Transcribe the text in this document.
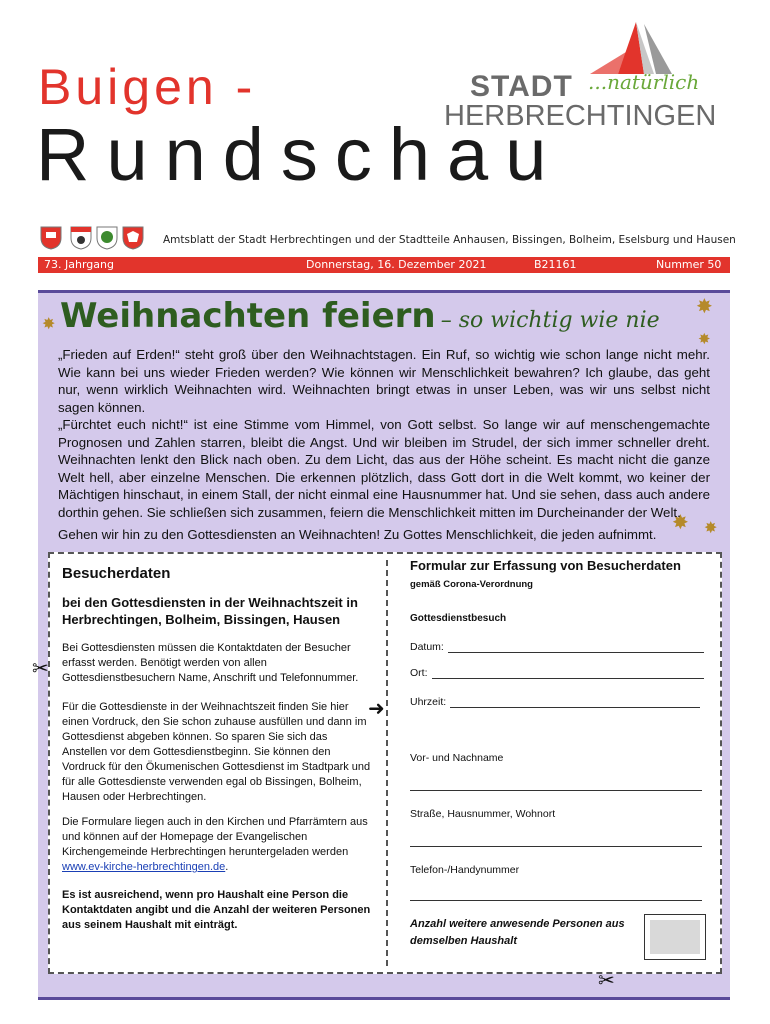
Buigen -
Rundschau
STADT ...natürlich
HERBRECHTINGEN
Amtsblatt der Stadt Herbrechtingen und der Stadtteile Anhausen, Bissingen, Bolheim, Eselsburg und Hausen
73. Jahrgang	Donnerstag, 16. Dezember 2021	B21161	Nummer 50
Weihnachten feiern – so wichtig wie nie
✸
✸
✸
✸ ✸

„Frieden auf Erden!“ steht groß über den Weihnachtstagen. Ein Ruf, so wichtig wie schon lange nicht mehr. Wie kann bei uns wieder Frieden werden? Wie können wir Menschlichkeit bewahren? Ich glaube, das geht nur, wenn wirklich Weihnachten wird. Weihnachten bringt etwas in unser Leben, was wir uns selbst nicht sagen können.

„Fürchtet euch nicht!“ ist eine Stimme vom Himmel, von Gott selbst. So lange wir auf menschengemachte Prognosen und Zahlen starren, bleibt die Angst. Und wir bleiben im Strudel, der sich immer schneller dreht. Weihnachten lenkt den Blick nach oben. Zu dem Licht, das aus der Höhe scheint. Es macht nicht die ganze Welt hell, aber einzelne Menschen. Die erkennen plötzlich, dass Gott dort in die Welt kommt, wo keiner der Mächtigen hinschaut, in einem Stall, der nicht einmal eine Hausnummer hat. Und sie sehen, dass auch andere dorthin gehen. Sie schließen sich zusammen, feiern die Menschlichkeit mitten im Durcheinander der Welt.

Gehen wir hin zu den Gottesdiensten an Weihnachten! Zu Gottes Menschlichkeit, die jeden aufnimmt.
✂
✂
➜
Besucherdaten
bei den Gottesdiensten in der Weihnachtszeit in Herbrechtingen, Bolheim, Bissingen, Hausen
Bei Gottesdiensten müssen die Kontaktdaten der Besucher erfasst werden. Benötigt werden von allen Gottesdienstbesuchern Name, Anschrift und Telefonnummer.
Für die Gottesdienste in der Weihnachtszeit finden Sie hier einen Vordruck, den Sie schon zuhause ausfüllen und dann im Gottesdienst abgeben können. So sparen Sie sich das Anstellen vor dem Gottesdienstbeginn. Sie können den Vordruck für den Ökumenischen Gottesdienst im Stadtpark und für alle Gottesdienste verwenden egal ob Bissingen, Bolheim, Hausen oder Herbrechtingen.
Die Formulare liegen auch in den Kirchen und Pfarrämtern aus und können auf der Homepage der Evangelischen Kirchengemeinde Herbrechtingen heruntergeladen werden www.ev-kirche-herbrechtingen.de.
Es ist ausreichend, wenn pro Haushalt eine Person die Kontaktdaten angibt und die Anzahl der weiteren Personen aus seinem Haushalt mit einträgt.
Formular zur Erfassung von Besucherdaten
gemäß Corona-Verordnung
Gottesdienstbesuch
Datum:
Ort:
Uhrzeit:
Vor- und Nachname
Straße, Hausnummer, Wohnort
Telefon-/Handynummer
Anzahl weitere anwesende Personen aus demselben Haushalt
